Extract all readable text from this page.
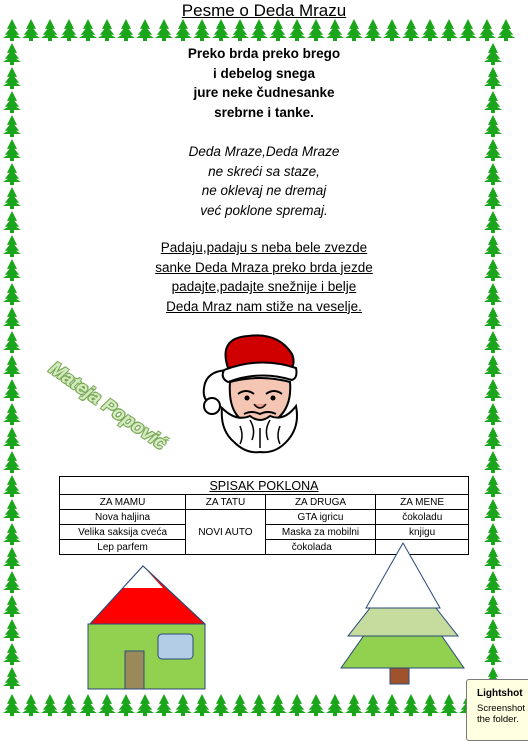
Pesme o Deda Mrazu
Preko brda preko brego
i debelog snega
jure neke čudnesanke
srebrne i tanke.
Deda Mraze,Deda Mraze
ne skreći sa staze,
ne oklevaj ne dremaj
već poklone spremaj.
Padaju,padaju s neba bele zvezde
sanke Deda Mraza preko brda jezde
padajte,padajte snežnije i belje
Deda Mraz nam stiže na veselje.
Mateja Popović
SPISAK POKLONA			
ZA MAMU	ZA TATU	ZA DRUGA	ZA MENE
Nova haljina	NOVI AUTO	GTA igricu	čokoladu
Velika saksija cveća		Maska za mobilni	knjigu
Lep parfem		čokolada	
Lightshot
Screenshot
the folder.
